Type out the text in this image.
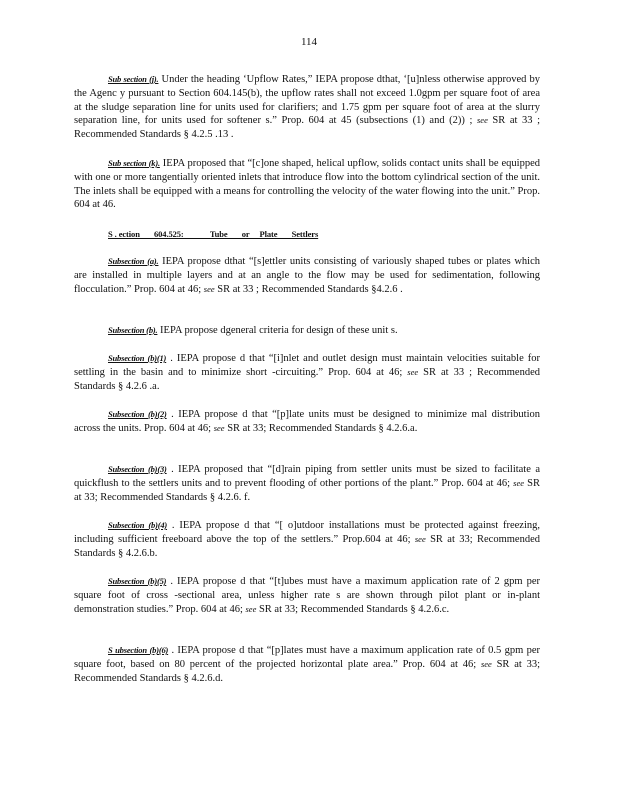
114
S . ection       604.525:             Tube       or     Plate       Settlers
Sub section (j). Under the heading ‘Upflow Rates,” IEPA propose dthat, ‘[u]nless otherwise approved by the Agenc y pursuant to Section 604.145(b), the upflow rates shall not exceed 1.0gpm per square foot of area at the sludge separation line for units used for clarifiers; and 1.75 gpm per square foot of area at the slurry separation line, for units used for softener s.” Prop. 604 at 45 (subsections (1) and (2)) ; see SR at 33 ; Recommended Standards § 4.2.5 .13 .
Sub section (k). IEPA proposed that “[c]one shaped, helical upflow, solids contact units shall be equipped with one or more tangentially oriented inlets that introduce flow into the bottom cylindrical section of the unit. The inlets shall be equipped with a means for controlling the velocity of the water flowing into the unit.” Prop. 604 at 46.
Subsection (a). IEPA propose dthat “[s]ettler units consisting of variously shaped tubes or plates which are installed in multiple layers and at an angle to the flow may be used for sedimentation, following flocculation.” Prop. 604 at 46; see SR at 33 ; Recommended Standards §4.2.6 .
Subsection (b). IEPA propose dgeneral criteria for design of these unit s.
Subsection (b)(1) . IEPA propose d that “[i]nlet and outlet design must maintain velocities suitable for settling in the basin and to minimize short -circuiting.” Prop. 604 at 46; see SR at 33 ; Recommended Standards § 4.2.6 .a.
Subsection (b)(2) . IEPA propose d that “[p]late units must be designed to minimize mal distribution across the units. Prop. 604 at 46; see SR at 33; Recommended Standards § 4.2.6.a.
Subsection (b)(3) . IEPA proposed that “[d]rain piping from settler units must be sized to facilitate a quickflush to the settlers units and to prevent flooding of other portions of the plant.” Prop. 604 at 46; see SR at 33; Recommended Standards § 4.2.6. f.
Subsection (b)(4) . IEPA propose d that “[ o]utdoor installations must be protected against freezing, including sufficient freeboard above the top of the settlers.” Prop.604 at 46; see SR at 33; Recommended Standards § 4.2.6.b.
Subsection (b)(5) . IEPA propose d that “[t]ubes must have a maximum application rate of 2 gpm per square foot of cross -sectional area, unless higher rate s are shown through pilot plant or in-plant demonstration studies.” Prop. 604 at 46; see SR at 33; Recommended Standards § 4.2.6.c.
S ubsection (b)(6) . IEPA propose d that “[p]lates must have a maximum application rate of 0.5 gpm per square foot, based on 80 percent of the projected horizontal plate area.” Prop. 604 at 46; see SR at 33; Recommended Standards § 4.2.6.d.
